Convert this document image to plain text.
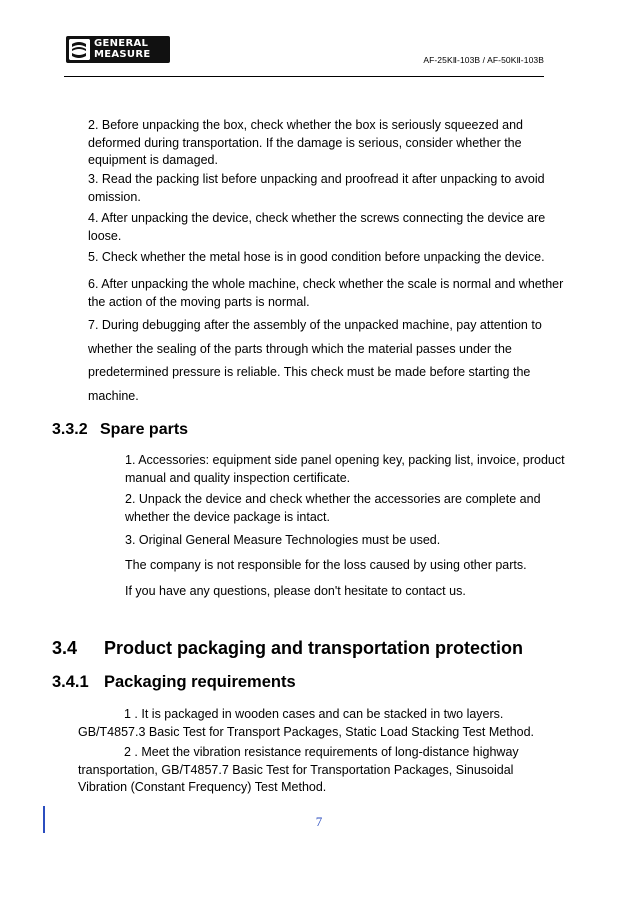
GENERAL
MEASURE
AF-25KⅡ-103B / AF-50KⅡ-103B

2. Before unpacking the box, check whether the box is seriously squeezed and deformed during transportation. If the damage is serious, consider whether the equipment is damaged.

3. Read the packing list before unpacking and proofread it after unpacking to avoid omission.

4. After unpacking the device, check whether the screws connecting the device are loose.

5. Check whether the metal hose is in good condition before unpacking the device.

6. After unpacking the whole machine, check whether the scale is normal and whether the action of the moving parts is normal.

7. During debugging after the assembly of the unpacked machine, pay attention to whether the sealing of the parts through which the material passes under the predetermined pressure is reliable. This check must be made before starting the machine.

3.3.2 Spare parts

1. Accessories: equipment side panel opening key, packing list, invoice, product manual and quality inspection certificate.

2. Unpack the device and check whether the accessories are complete and whether the device package is intact.

3. Original General Measure Technologies must be used.

The company is not responsible for the loss caused by using other parts.

If you have any questions, please don't hesitate to contact us.

3.4 Product packaging and transportation protection
3.4.1 Packaging requirements

1 . It is packaged in wooden cases and can be stacked in two layers. GB/T4857.3 Basic Test for Transport Packages, Static Load Stacking Test Method.

2 . Meet the vibration resistance requirements of long-distance highway transportation, GB/T4857.7 Basic Test for Transportation Packages, Sinusoidal Vibration (Constant Frequency) Test Method.

7
